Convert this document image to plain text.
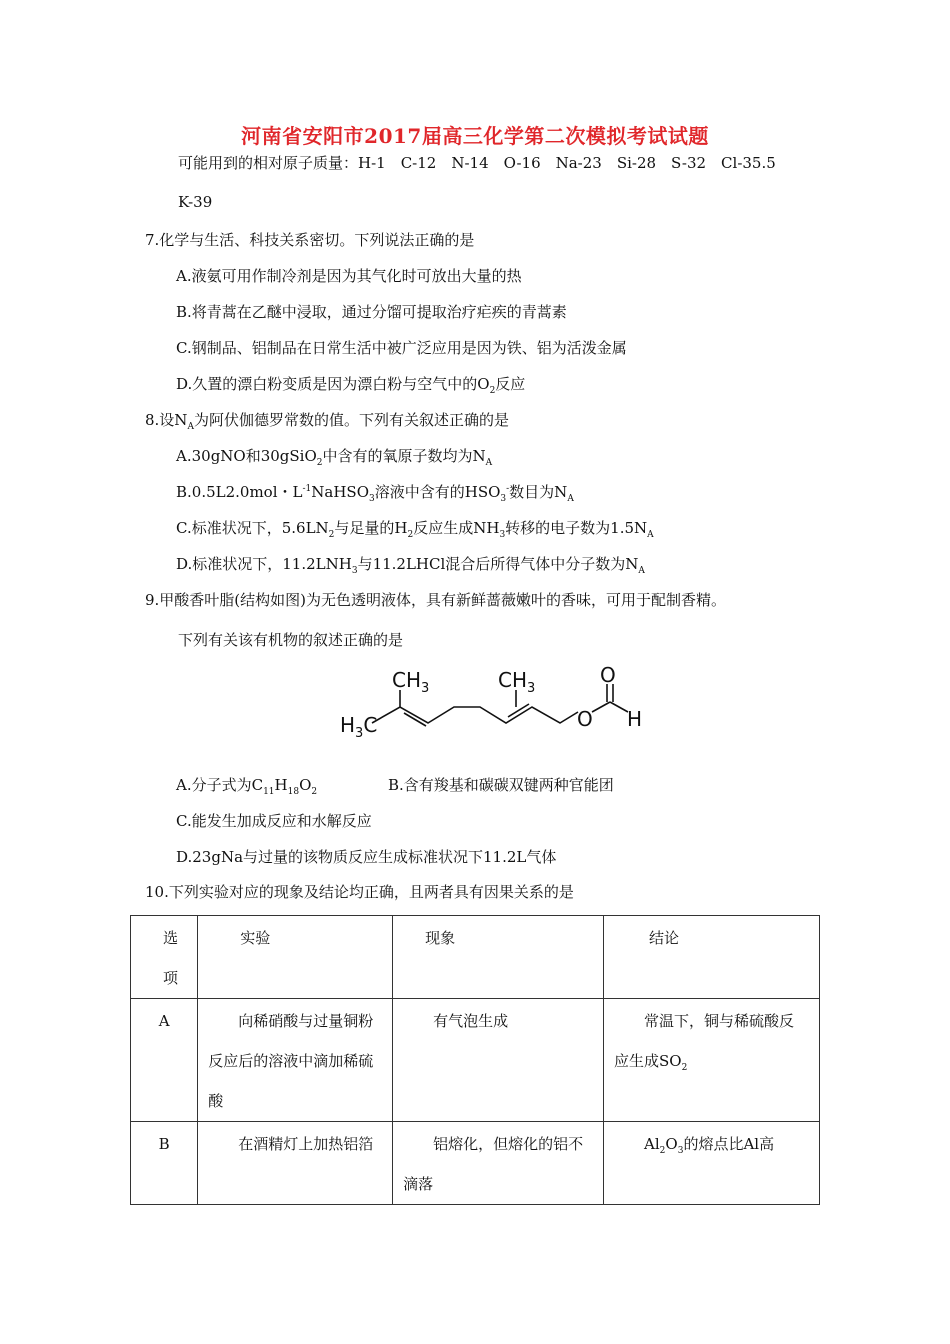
河南省安阳市2017届高三化学第二次模拟考试试题
可能用到的相对原子质量：H-1　C-12　N-14　O-16　Na-23　Si-28　S-32　Cl-35.5
K-39
7.化学与生活、科技关系密切。下列说法正确的是
A.液氨可用作制冷剂是因为其气化时可放出大量的热
B.将青蒿在乙醚中浸取，通过分馏可提取治疗疟疾的青蒿素
C.钢制品、铝制品在日常生活中被广泛应用是因为铁、铝为活泼金属
D.久置的漂白粉变质是因为漂白粉与空气中的$O_2$反应
8.设$N_A$为阿伏伽德罗常数的值。下列有关叙述正确的是
A.30gNO和30gSiO$_2$中含有的氧原子数均为$N_A$
B.0.5L2.0mol・$L^{-1}NaHSO_3$溶液中含有的$HSO_3^-$数目为$N_A$
C.标准状况下，$5.6LN_2$与足量的$H_2$反应生成$NH_3$转移的电子数为$1.5N_A$
D.标准状况下，$11.2LNH_3$与11.2LHCl混合后所得气体中分子数为$N_A$
9.甲酸香叶脂(结构如图)为无色透明液体，具有新鲜蔷薇嫩叶的香味，可用于配制香精。
下列有关该有机物的叙述正确的是
$CH_3$	$CH_3$
$H_3C$
O
O H
A.分子式为$C_{11}H_{18}O_2$	B.含有羧基和碳碳双键两种官能团
C.能发生加成反应和水解反应
D.23gNa与过量的该物质反应生成标准状况下11.2L气体
10.下列实验对应的现象及结论均正确，且两者具有因果关系的是
选项	实验	现象	结论

A	向稀硝酸与过量铜粉反应后的溶液中滴加稀硫酸	有气泡生成	常温下，铜与稀硫酸反应生成$SO_2$

B	在酒精灯上加热铝箔	铝熔化，但熔化的铝不滴落	$Al_2O_3$的熔点比Al高
